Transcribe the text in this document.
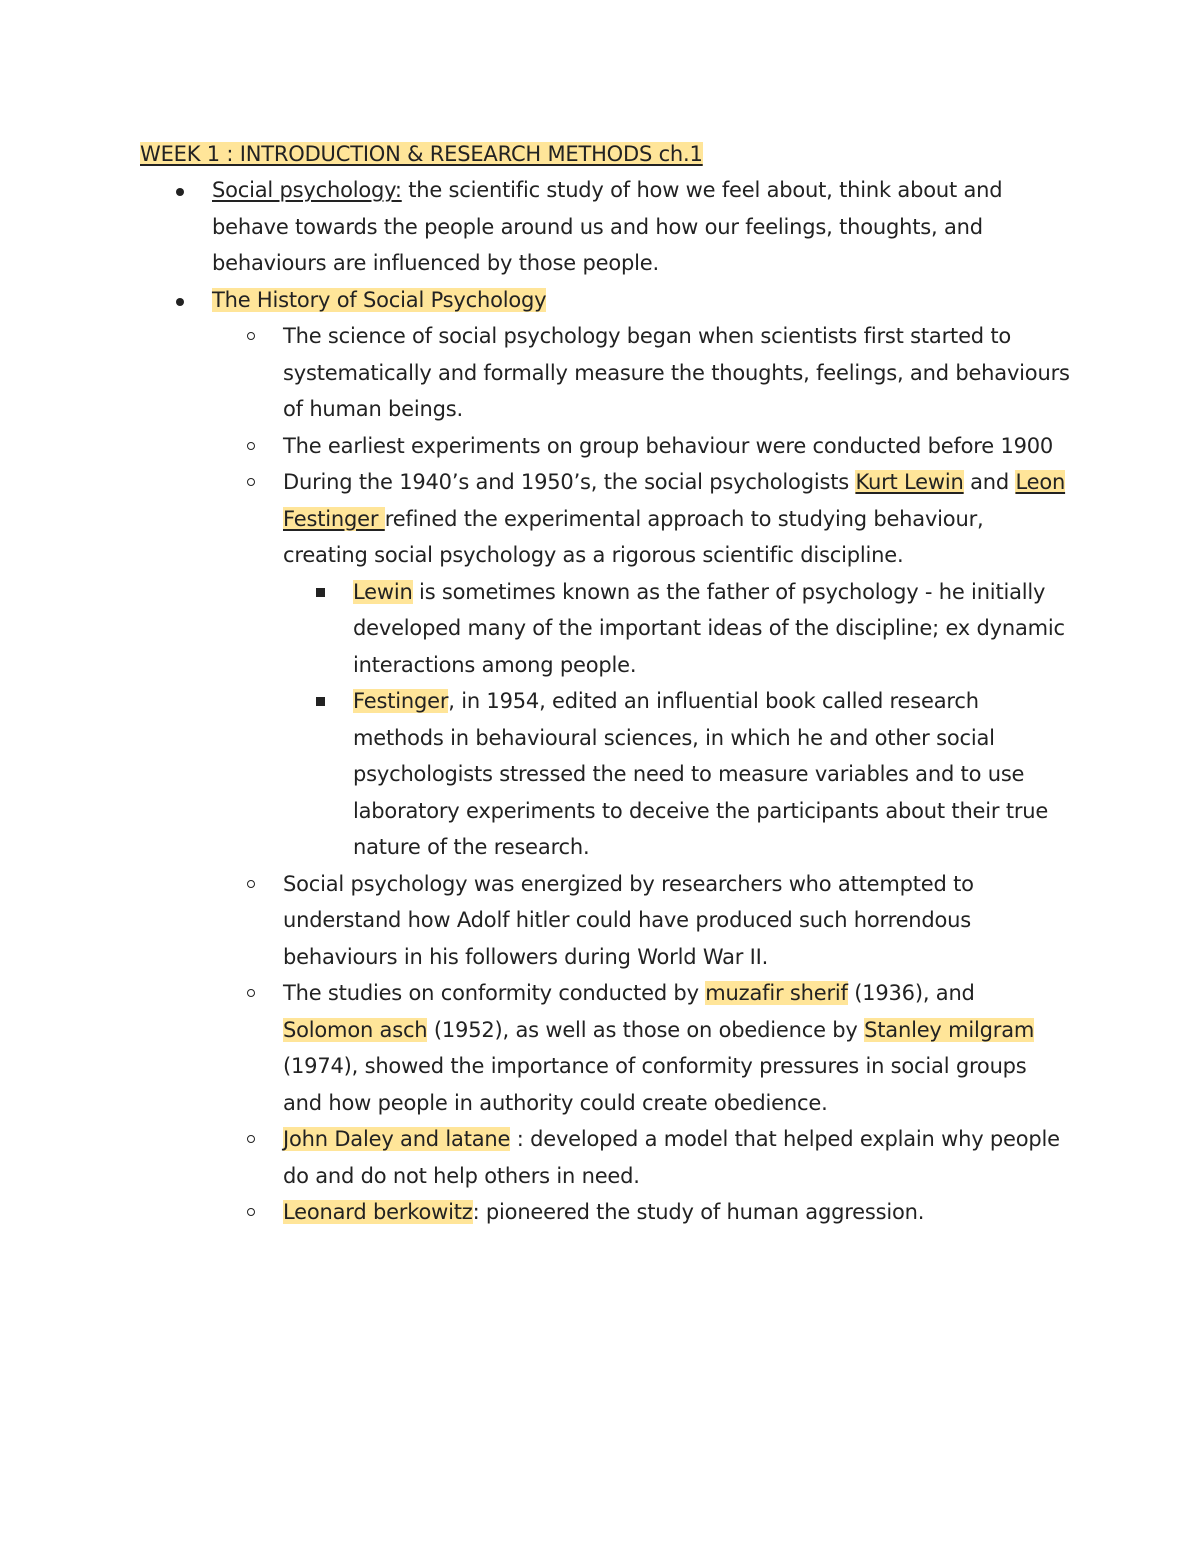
WEEK 1 : INTRODUCTION & RESEARCH METHODS ch.1
Social psychology: the scientific study of how we feel about, think about and behave towards the people around us and how our feelings, thoughts, and behaviours are influenced by those people.
The History of Social Psychology
The science of social psychology began when scientists first started to systematically and formally measure the thoughts, feelings, and behaviours of human beings.
The earliest experiments on group behaviour were conducted before 1900
During the 1940’s and 1950’s, the social psychologists Kurt Lewin and Leon Festinger refined the experimental approach to studying behaviour, creating social psychology as a rigorous scientific discipline.
Lewin is sometimes known as the father of psychology - he initially developed many of the important ideas of the discipline; ex dynamic interactions among people.
Festinger, in 1954, edited an influential book called research methods in behavioural sciences, in which he and other social psychologists stressed the need to measure variables and to use laboratory experiments to deceive the participants about their true nature of the research.
Social psychology was energized by researchers who attempted to understand how Adolf hitler could have produced such horrendous behaviours in his followers during World War II.
The studies on conformity conducted by muzafir sherif (1936), and Solomon asch (1952), as well as those on obedience by Stanley milgram (1974), showed the importance of conformity pressures in social groups and how people in authority could create obedience.
John Daley and latane : developed a model that helped explain why people do and do not help others in need.
Leonard berkowitz: pioneered the study of human aggression.
